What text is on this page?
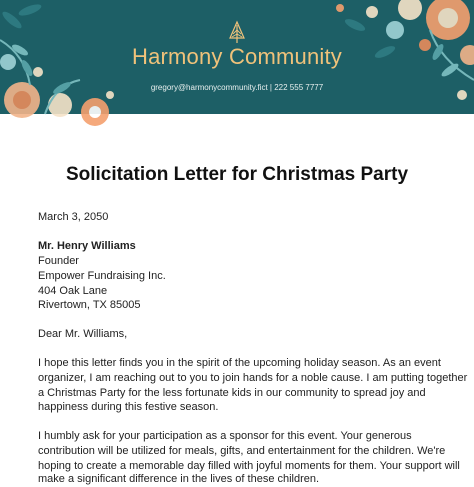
Harmony Community
gregory@harmonycommunity.fict | 222 555 7777
Solicitation Letter for Christmas Party
March 3, 2050
Mr. Henry Williams
Founder
Empower Fundraising Inc.
404 Oak Lane
Rivertown, TX 85005
Dear Mr. Williams,
I hope this letter finds you in the spirit of the upcoming holiday season. As an event
organizer, I am reaching out to you to join hands for a noble cause. I am putting together
a Christmas Party for the less fortunate kids in our community to spread joy and
happiness during this festive season.
I humbly ask for your participation as a sponsor for this event. Your generous
contribution will be utilized for meals, gifts, and entertainment for the children. We're
hoping to create a memorable day filled with joyful moments for them. Your support will
make a significant difference in the lives of these children.
